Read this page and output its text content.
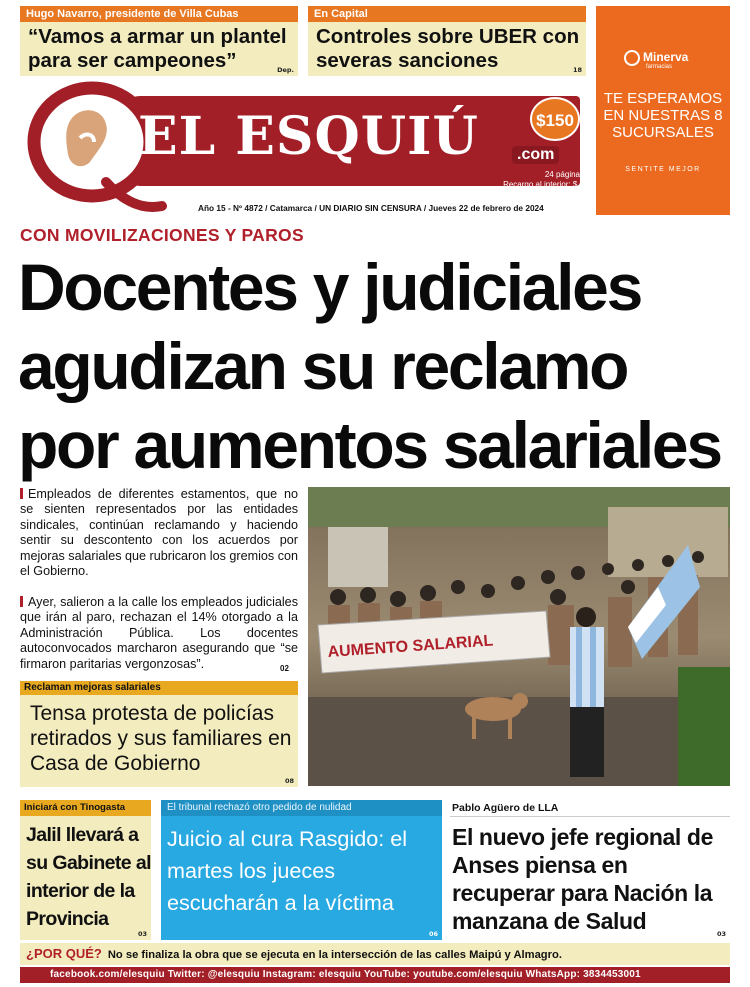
Hugo Navarro, presidente de Villa Cubas
“Vamos a armar un plantel para ser campeones”	Dep.
En Capital
Controles sobre UBER con severas sanciones	18
EL ESQUIÚ	.com
$150
24 páginas
Recargo al interior: $ 2
Año 15 - Nº 4872 / Catamarca / UN DIARIO SIN CENSURA / Jueves 22 de febrero de 2024
Minerva
farmacias
TE ESPERAMOS EN NUESTRAS 8 SUCURSALES
SENTITE MEJOR
CON MOVILIZACIONES Y PAROS
Docentes y judiciales agudizan su reclamo por aumentos salariales
Empleados de diferentes estamentos, que no se sienten representados por las entidades sindicales, continúan reclamando y haciendo sentir su descontento con los acuerdos por mejoras salariales que rubricaron los gremios con el Gobierno.
Ayer, salieron a la calle los empleados judiciales que irán al paro, rechazan el 14% otorgado a la Administración Pública. Los docentes autoconvocados marcharon asegurando que “se firmaron paritarias vergonzosas”.	02
AUMENTO SALARIAL
Reclaman mejoras salariales
Tensa protesta de policías retirados y sus familiares en Casa de Gobierno
08
Iniciará con Tinogasta
Jalil llevará a su Gabinete al interior de la Provincia
03
El tribunal rechazó otro pedido de nulidad
Juicio al cura Rasgido: el martes los jueces escucharán a la víctima
06
Pablo Agüero de LLA
El nuevo jefe regional de Anses piensa en recuperar para Nación la manzana de Salud	03
¿POR QUÉ? No se finaliza la obra que se ejecuta en la intersección de las calles Maipú y Almagro.
facebook.com/elesquiu Twitter: @elesquiu Instagram: elesquiu YouTube: youtube.com/elesquiu WhatsApp: 3834453001
